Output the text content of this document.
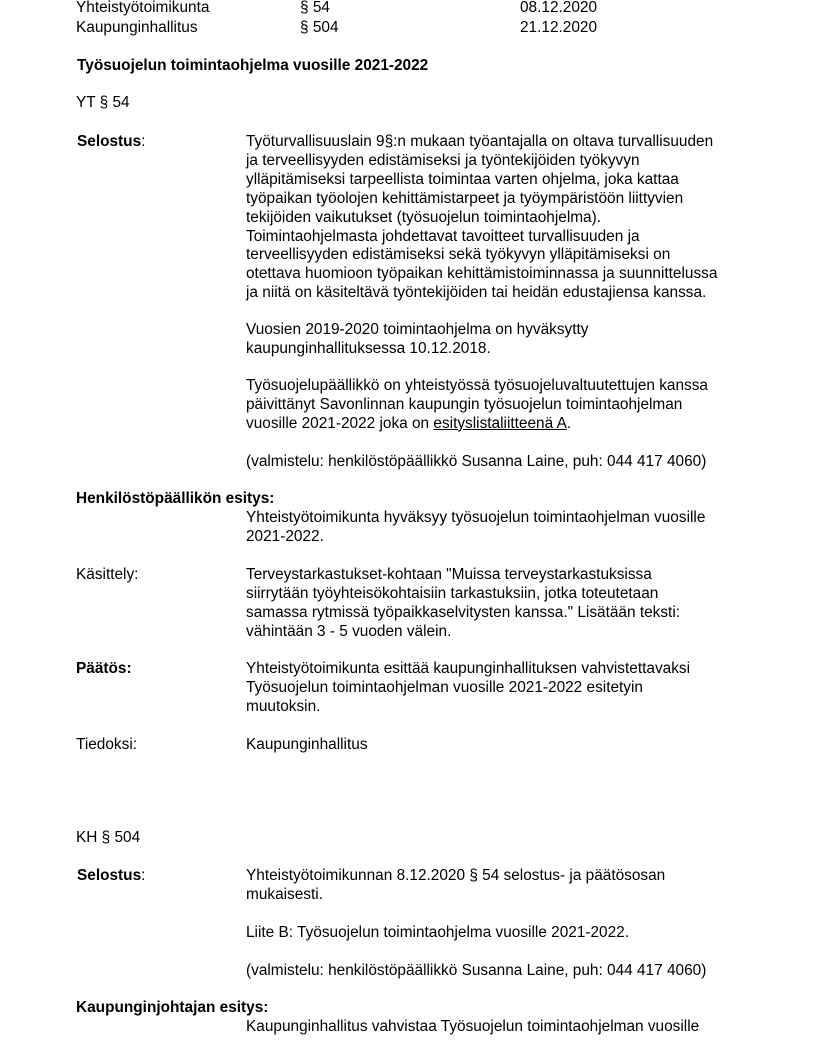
Yhteistyötoimikunta	§ 54	08.12.2020
Kaupunginhallitus	§ 504	21.12.2020
Työsuojelun toimintaohjelma vuosille 2021-2022
YT § 54
Selostus:	Työturvallisuuslain 9§:n mukaan työantajalla on oltava turvallisuuden
ja terveellisyyden edistämiseksi ja työntekijöiden työkyvyn
ylläpitämiseksi tarpeellista toimintaa varten ohjelma, joka kattaa
työpaikan työolojen kehittämistarpeet ja työympäristöön liittyvien
tekijöiden vaikutukset (työsuojelun toimintaohjelma).
Toimintaohjelmasta johdettavat tavoitteet turvallisuuden ja
terveellisyyden edistämiseksi sekä työkyvyn ylläpitämiseksi on
otettava huomioon työpaikan kehittämistoiminnassa ja suunnittelussa
ja niitä on käsiteltävä työntekijöiden tai heidän edustajiensa kanssa.
Vuosien 2019-2020 toimintaohjelma on hyväksytty
kaupunginhallituksessa 10.12.2018.
Työsuojelupäällikkö on yhteistyössä työsuojeluvaltuutettujen kanssa
päivittänyt Savonlinnan kaupungin työsuojelun toimintaohjelman
vuosille 2021-2022 joka on esityslistaliitteenä A.
(valmistelu: henkilöstöpäällikkö Susanna Laine, puh: 044 417 4060)
Henkilöstöpäällikön esitys:
Yhteistyötoimikunta hyväksyy työsuojelun toimintaohjelman vuosille
2021-2022.
Käsittely:	Terveystarkastukset-kohtaan "Muissa terveystarkastuksissa
siirrytään työyhteisökohtaisiin tarkastuksiin, jotka toteutetaan
samassa rytmissä työpaikkaselvitysten kanssa." Lisätään teksti:
vähintään 3 - 5 vuoden välein.
Päätös:	Yhteistyötoimikunta esittää kaupunginhallituksen vahvistettavaksi
Työsuojelun toimintaohjelman vuosille 2021-2022 esitetyin
muutoksin.
Tiedoksi:	Kaupunginhallitus
KH § 504
Selostus:	Yhteistyötoimikunnan 8.12.2020 § 54 selostus- ja päätösosan
mukaisesti.
Liite B: Työsuojelun toimintaohjelma vuosille 2021-2022.
(valmistelu: henkilöstöpäällikkö Susanna Laine, puh: 044 417 4060)
Kaupunginjohtajan esitys:
Kaupunginhallitus vahvistaa Työsuojelun toimintaohjelman vuosille
